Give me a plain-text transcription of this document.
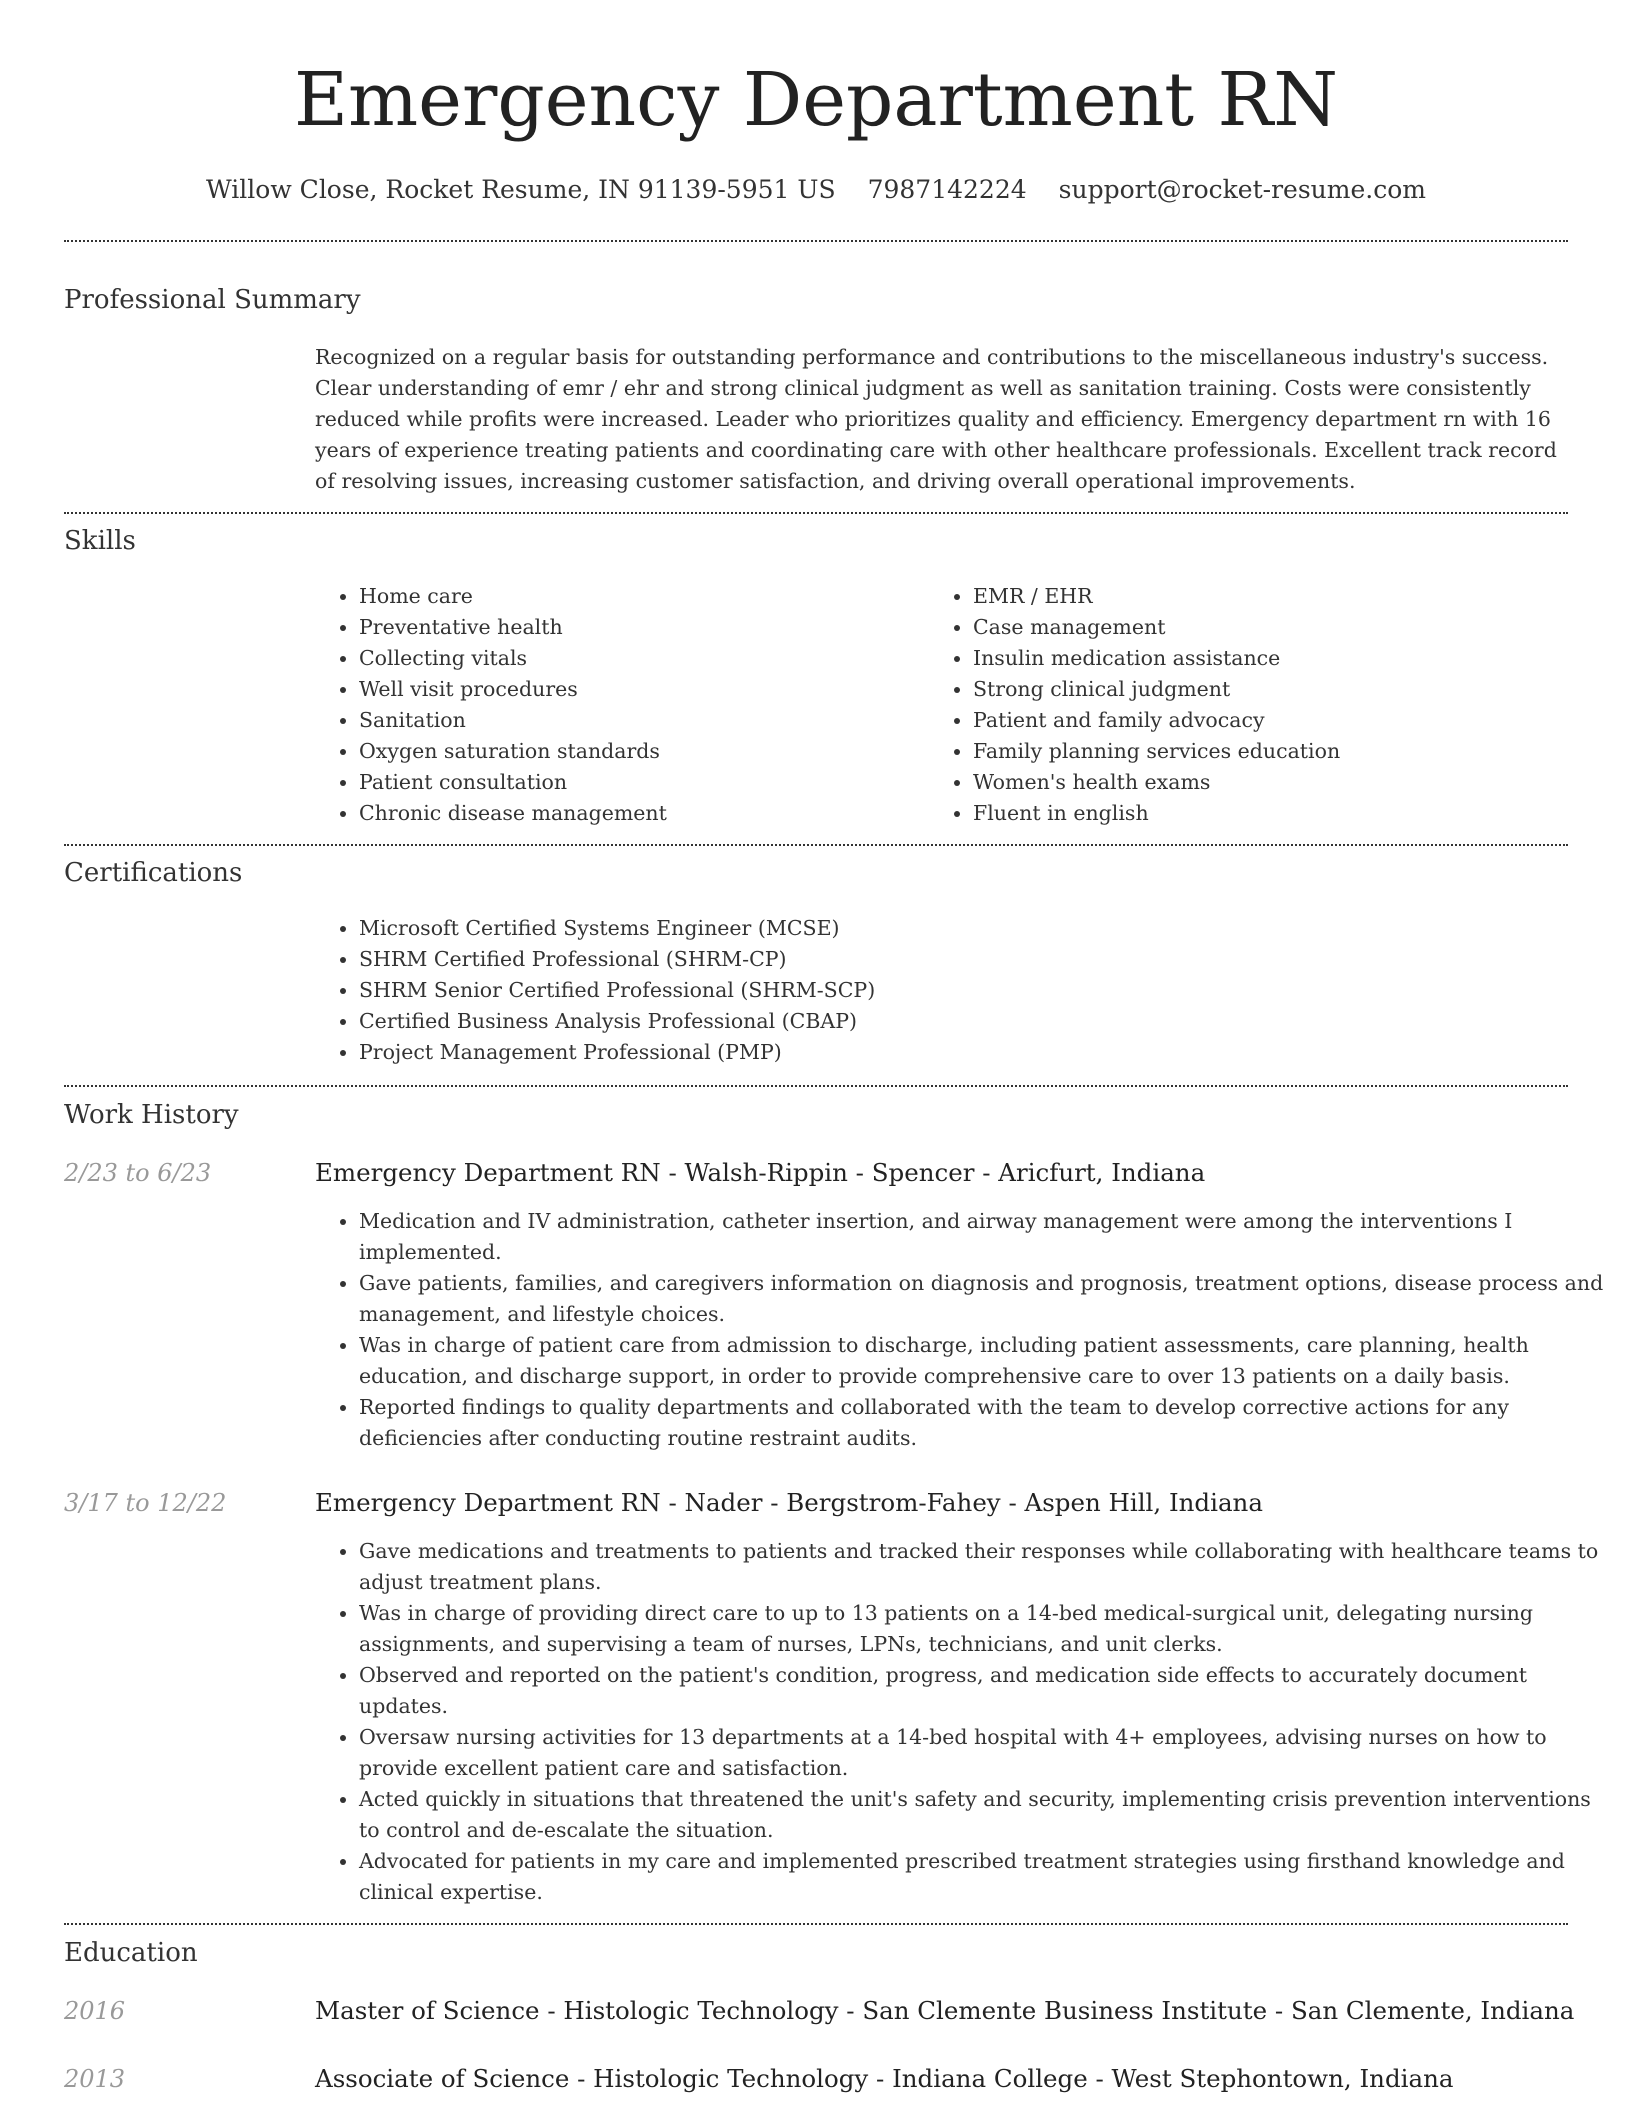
Emergency Department RN
Willow Close, Rocket Resume, IN 91139-5951 US 7987142224 support@rocket-resume.com
Professional Summary

Recognized on a regular basis for outstanding performance and contributions to the miscellaneous industry's success. Clear understanding of emr / ehr and strong clinical judgment as well as sanitation training. Costs were consistently reduced while profits were increased. Leader who prioritizes quality and efficiency. Emergency department rn with 16 years of experience treating patients and coordinating care with other healthcare professionals. Excellent track record of resolving issues, increasing customer satisfaction, and driving overall operational improvements.

Skills
• Home care
• Preventative health
• Collecting vitals
• Well visit procedures
• Sanitation
• Oxygen saturation standards
• Patient consultation
• Chronic disease management
• EMR / EHR
• Case management
• Insulin medication assistance
• Strong clinical judgment
• Patient and family advocacy
• Family planning services education
• Women's health exams
• Fluent in english
Certifications
• Microsoft Certified Systems Engineer (MCSE)
• SHRM Certified Professional (SHRM-CP)
• SHRM Senior Certified Professional (SHRM-SCP)
• Certified Business Analysis Professional (CBAP)
• Project Management Professional (PMP)
Work History
2/23 to 6/23	Emergency Department RN - Walsh-Rippin - Spencer - Aricfurt, Indiana
• Medication and IV administration, catheter insertion, and airway management were among the interventions I implemented.
• Gave patients, families, and caregivers information on diagnosis and prognosis, treatment options, disease process and management, and lifestyle choices.
• Was in charge of patient care from admission to discharge, including patient assessments, care planning, health education, and discharge support, in order to provide comprehensive care to over 13 patients on a daily basis.
• Reported findings to quality departments and collaborated with the team to develop corrective actions for any deficiencies after conducting routine restraint audits.
3/17 to 12/22	Emergency Department RN - Nader - Bergstrom-Fahey - Aspen Hill, Indiana
• Gave medications and treatments to patients and tracked their responses while collaborating with healthcare teams to adjust treatment plans.
• Was in charge of providing direct care to up to 13 patients on a 14-bed medical-surgical unit, delegating nursing assignments, and supervising a team of nurses, LPNs, technicians, and unit clerks.
• Observed and reported on the patient's condition, progress, and medication side effects to accurately document updates.
• Oversaw nursing activities for 13 departments at a 14-bed hospital with 4+ employees, advising nurses on how to provide excellent patient care and satisfaction.
• Acted quickly in situations that threatened the unit's safety and security, implementing crisis prevention interventions to control and de-escalate the situation.
• Advocated for patients in my care and implemented prescribed treatment strategies using firsthand knowledge and clinical expertise.
Education
2016	Master of Science - Histologic Technology - San Clemente Business Institute - San Clemente, Indiana
2013	Associate of Science - Histologic Technology - Indiana College - West Stephontown, Indiana
